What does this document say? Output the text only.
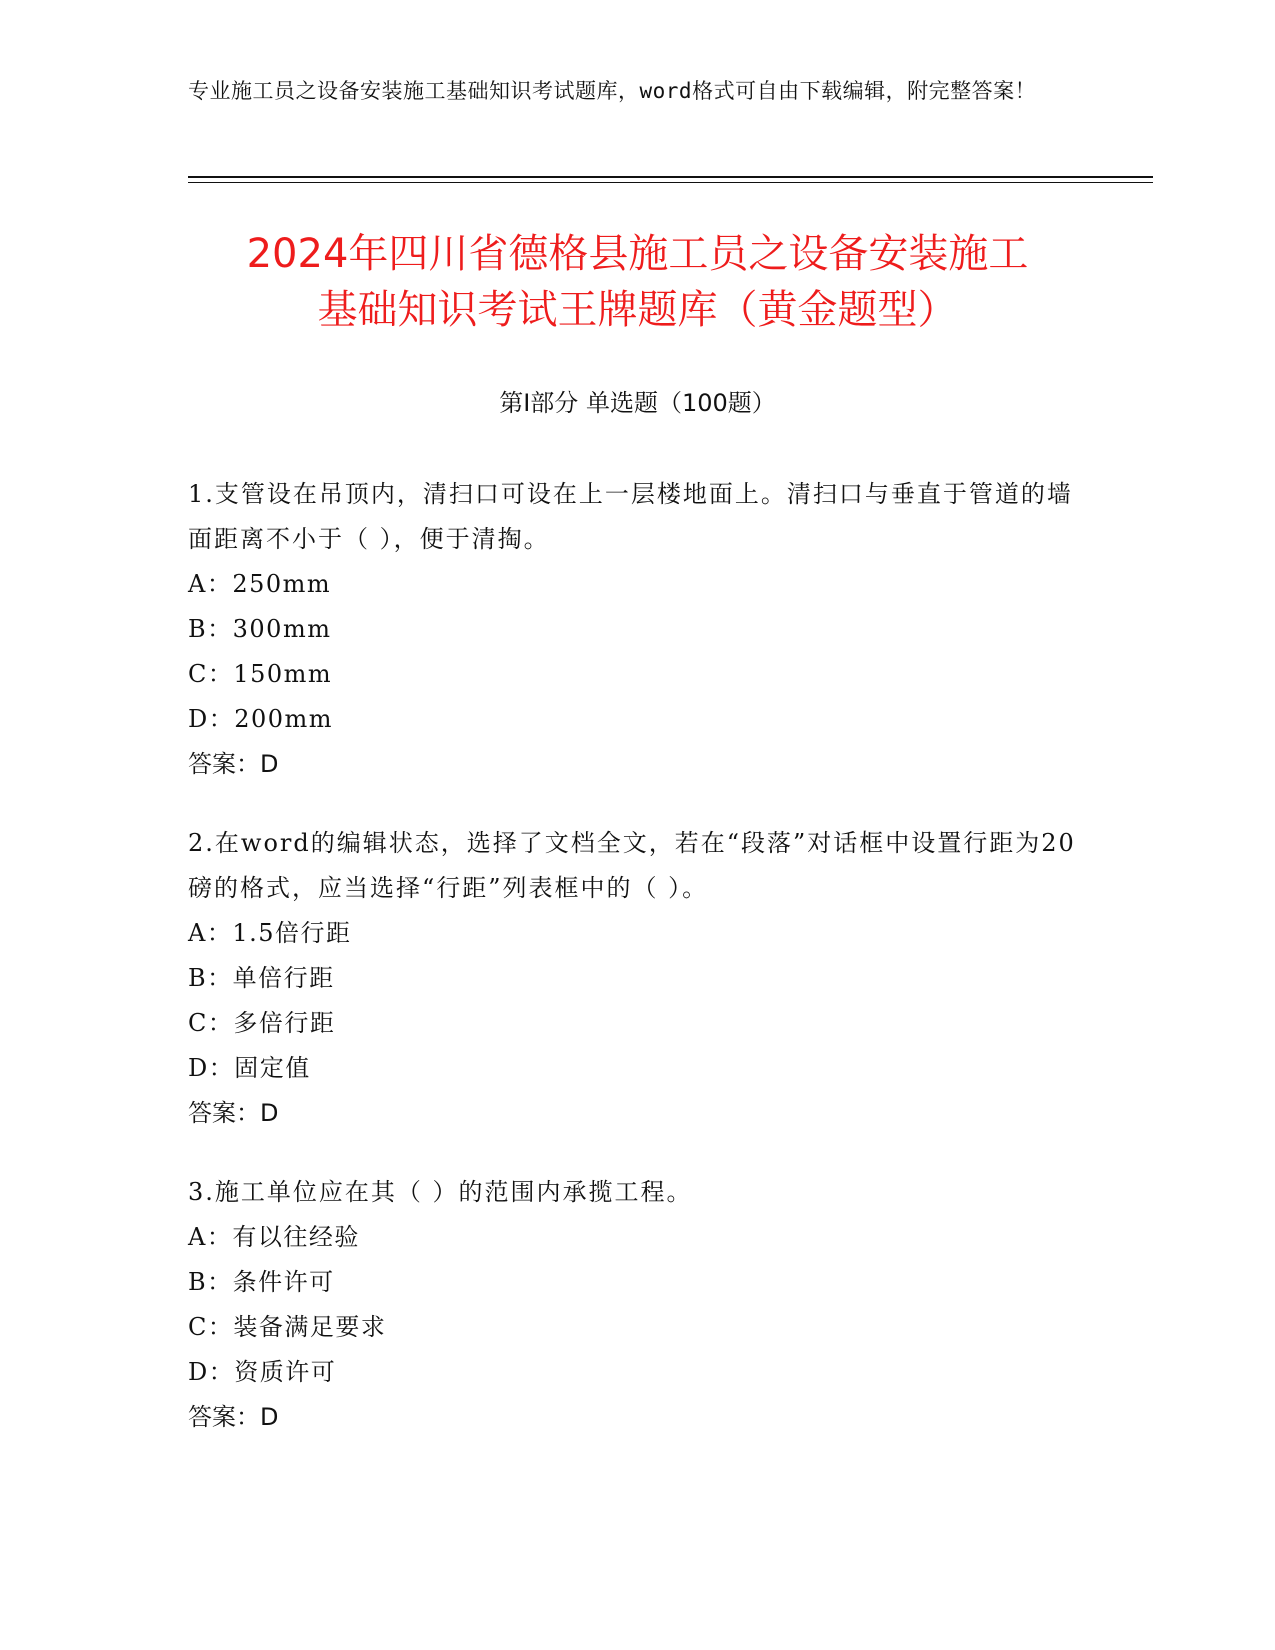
专业施工员之设备安装施工基础知识考试题库，word格式可自由下载编辑，附完整答案！
2024年四川省德格县施工员之设备安装施工
基础知识考试王牌题库（黄金题型）
第I部分 单选题（100题）
1.支管设在吊顶内，清扫口可设在上一层楼地面上。清扫口与垂直于管道的墙面距离不小于（ ），便于清掏。
A：250mm
B：300mm
C：150mm
D：200mm
答案：D
2.在word的编辑状态，选择了文档全文，若在“段落”对话框中设置行距为20磅的格式，应当选择“行距”列表框中的（ ）。
A：1.5倍行距
B：单倍行距
C：多倍行距
D：固定值
答案：D
3.施工单位应在其（ ）的范围内承揽工程。
A：有以往经验
B：条件许可
C：装备满足要求
D：资质许可
答案：D
